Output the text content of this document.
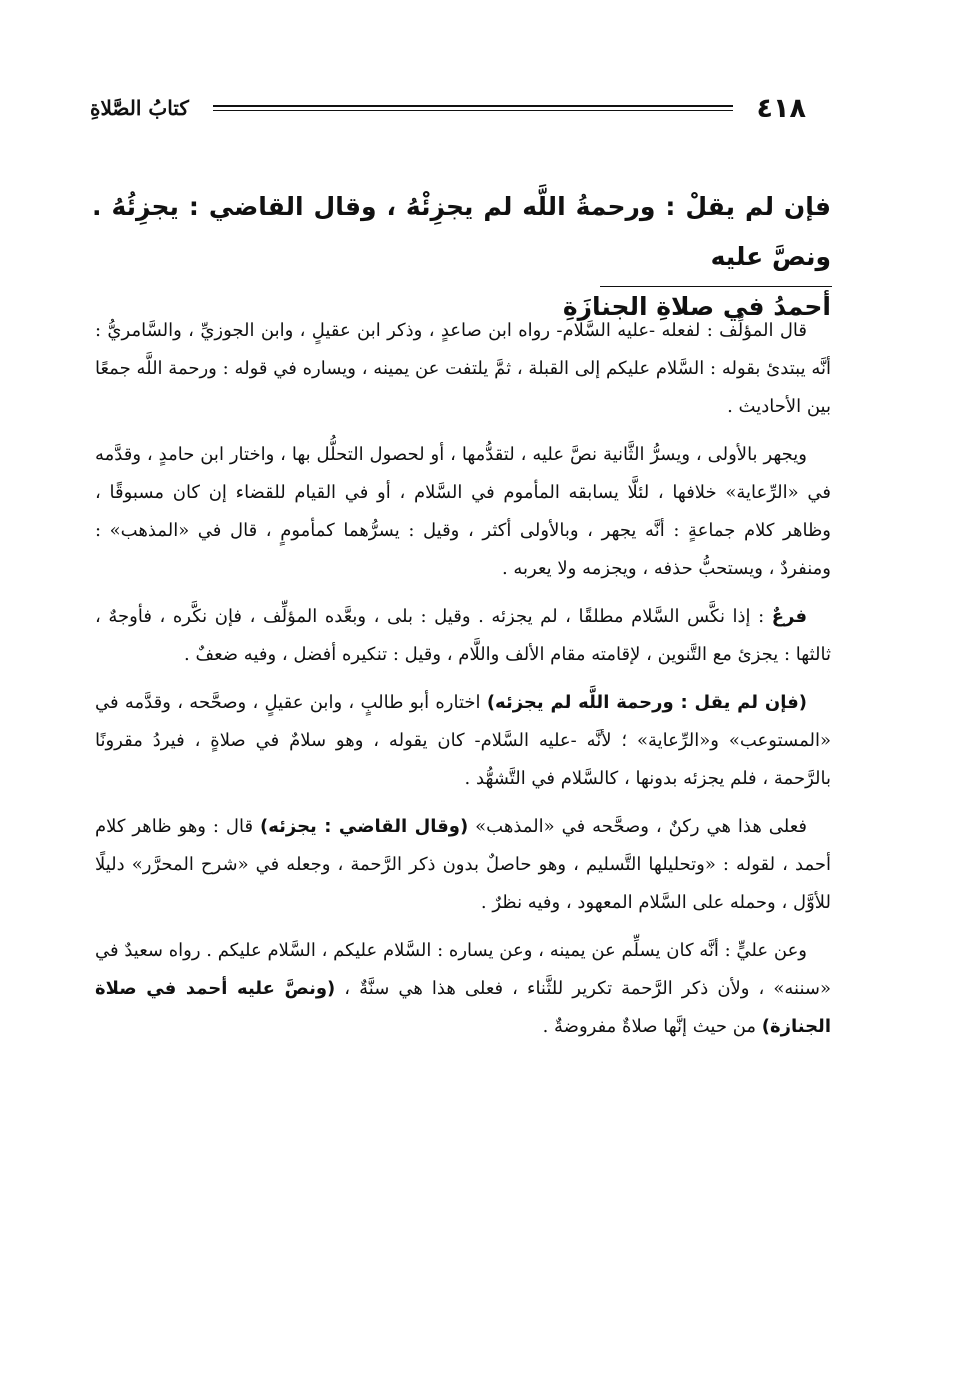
٤١٨
كتابُ الصَّلاةِ
فإن لم يقلْ : ورحمةُ اللَّه لم يجزِئْهُ ، وقال القاضي : يجزِئُهُ . ونصَّ عليه
أحمدُ في صلاةِ الجنازَةِ

قال المؤلِّف : لفعله -عليه السَّلام- رواه ابن صاعدٍ ، وذكر ابن عقيلٍ ، وابن الجوزيِّ ، والسَّامريُّ : أنَّه يبتدئ بقوله : السَّلام عليكم إلى القبلة ، ثمَّ يلتفت عن يمينه ، ويساره في قوله : ورحمة اللَّه جمعًا بين الأحاديث .

ويجهر بالأولى ، ويسرُّ الثَّانية نصَّ عليه ، لتقدُّمها ، أو لحصول التحلُّل بها ، واختار ابن حامدٍ ، وقدَّمه في «الرِّعاية» خلافها ، لئلَّا يسابقه المأموم في السَّلام ، أو في القيام للقضاء إن كان مسبوقًا ، وظاهر كلام جماعةٍ : أنَّه يجهر ، وبالأولى أكثر ، وقيل : يسرُّهما كمأمومٍ ، قال في «المذهب» : ومنفردٌ ، ويستحبُّ حذفه ، ويجزمه ولا يعربه .

فرعٌ : إذا نكَّس السَّلام مطلقًا ، لم يجزئه . وقيل : بلى ، وبعَّده المؤلِّف ، فإن نكَّره ، فأوجهٌ ، ثالثها : يجزئ مع التَّنوين ، لإقامته مقام الألف واللَّام ، وقيل : تنكيره أفضل ، وفيه ضعفٌ .

(فإن لم يقل : ورحمة اللَّه لم يجزئه) اختاره أبو طالبٍ ، وابن عقيلٍ ، وصحَّحه ، وقدَّمه في «المستوعب» و«الرِّعاية» ؛ لأنَّه -عليه السَّلام- كان يقوله ، وهو سلامٌ في صلاةٍ ، فيردُ مقرونًا بالرَّحمة ، فلم يجزئه بدونها ، كالسَّلام في التَّشهُّد .

فعلى هذا هي ركنٌ ، وصحَّحه في «المذهب» (وقال القاضي : يجزئه) قال : وهو ظاهر كلام أحمد ، لقوله : «وتحليلها التَّسليم ، وهو حاصلٌ بدون ذكر الرَّحمة ، وجعله في «شرح المحرَّر» دليلًا للأوَّل ، وحمله على السَّلام المعهود ، وفيه نظرٌ .

وعن عليٍّ : أنَّه كان يسلِّم عن يمينه ، وعن يساره : السَّلام عليكم ، السَّلام عليكم . رواه سعيدٌ في «سننه» ، ولأن ذكر الرَّحمة تكرير للثَّناء ، فعلى هذا هي سنَّةٌ ، (ونصَّ عليه أحمد في صلاة الجنازة) من حيث إنَّها صلاةٌ مفروضةٌ .
